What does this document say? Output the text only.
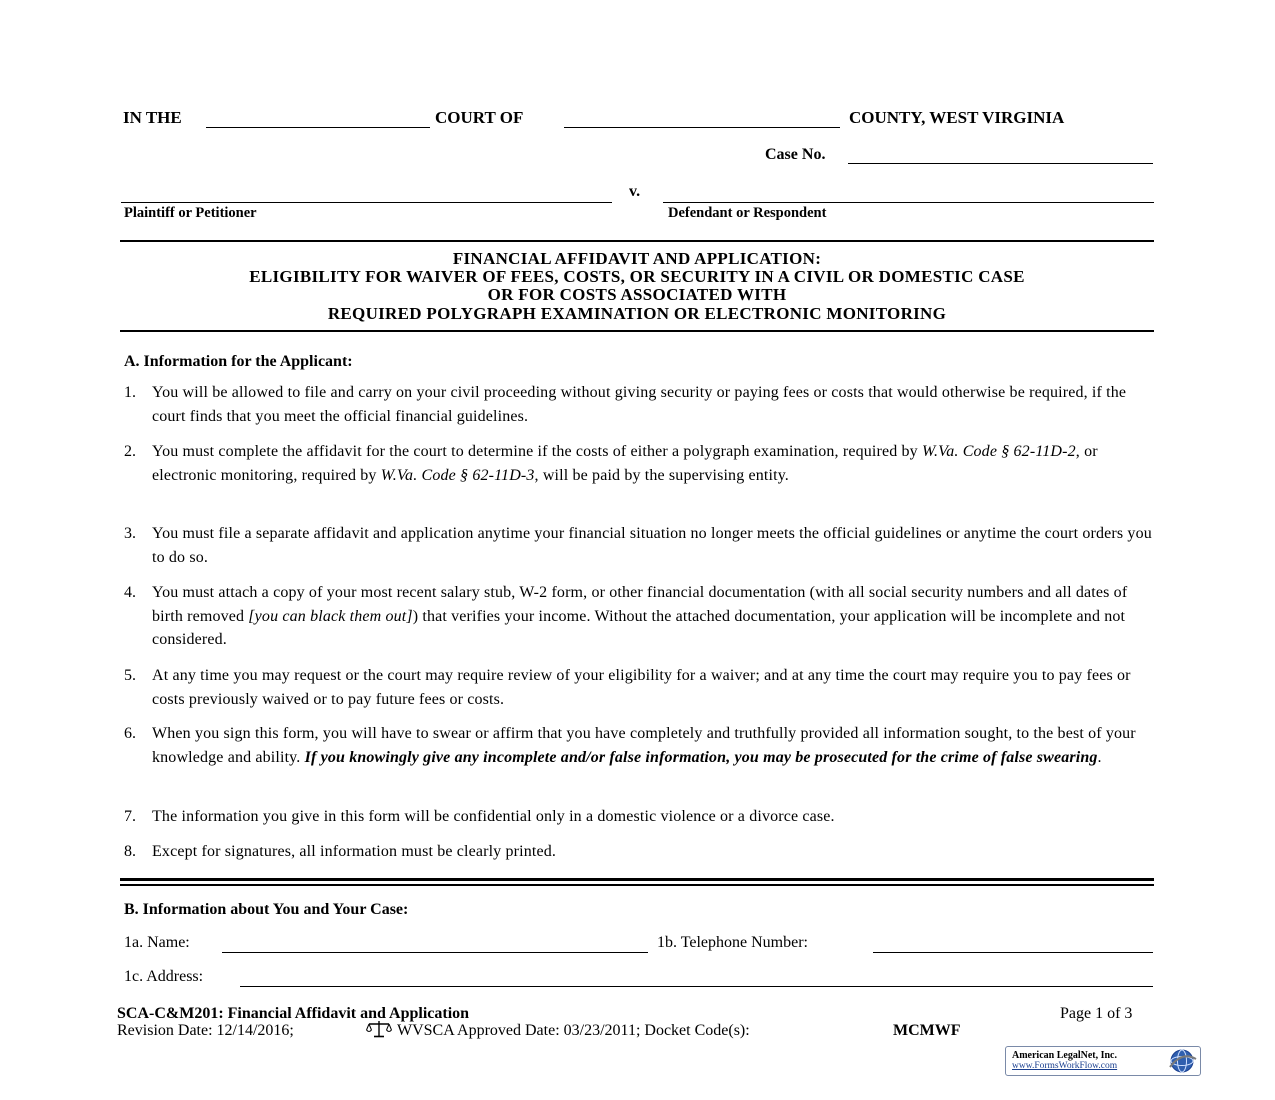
IN THE	COURT OF	COUNTY, WEST VIRGINIA
Case No.
v.
Plaintiff or Petitioner	Defendant or Respondent
FINANCIAL AFFIDAVIT AND APPLICATION:
ELIGIBILITY FOR WAIVER OF FEES, COSTS, OR SECURITY IN A CIVIL OR DOMESTIC CASE
OR FOR COSTS ASSOCIATED WITH
REQUIRED POLYGRAPH EXAMINATION OR ELECTRONIC MONITORING
A. Information for the Applicant:
1. You will be allowed to file and carry on your civil proceeding without giving security or paying fees or costs that would otherwise be required, if the court finds that you meet the official financial guidelines.
2. You must complete the affidavit for the court to determine if the costs of either a polygraph examination, required by W.Va. Code § 62-11D-2, or electronic monitoring, required by W.Va. Code § 62-11D-3, will be paid by the supervising entity.
3. You must file a separate affidavit and application anytime your financial situation no longer meets the official guidelines or anytime the court orders you to do so.
4. You must attach a copy of your most recent salary stub, W-2 form, or other financial documentation (with all social security numbers and all dates of birth removed [you can black them out]) that verifies your income. Without the attached documentation, your application will be incomplete and not considered.
5. At any time you may request or the court may require review of your eligibility for a waiver; and at any time the court may require you to pay fees or costs previously waived or to pay future fees or costs.
6. When you sign this form, you will have to swear or affirm that you have completely and truthfully provided all information sought, to the best of your knowledge and ability. If you knowingly give any incomplete and/or false information, you may be prosecuted for the crime of false swearing.
7. The information you give in this form will be confidential only in a domestic violence or a divorce case.
8. Except for signatures, all information must be clearly printed.
B. Information about You and Your Case:
1a. Name:	1b. Telephone Number:
1c. Address:
SCA-C&M201: Financial Affidavit and Application	Page 1 of 3
Revision Date: 12/14/2016;	WVSCA Approved Date: 03/23/2011; Docket Code(s):	MCMWF
American LegalNet, Inc.
www.FormsWorkFlow.com
